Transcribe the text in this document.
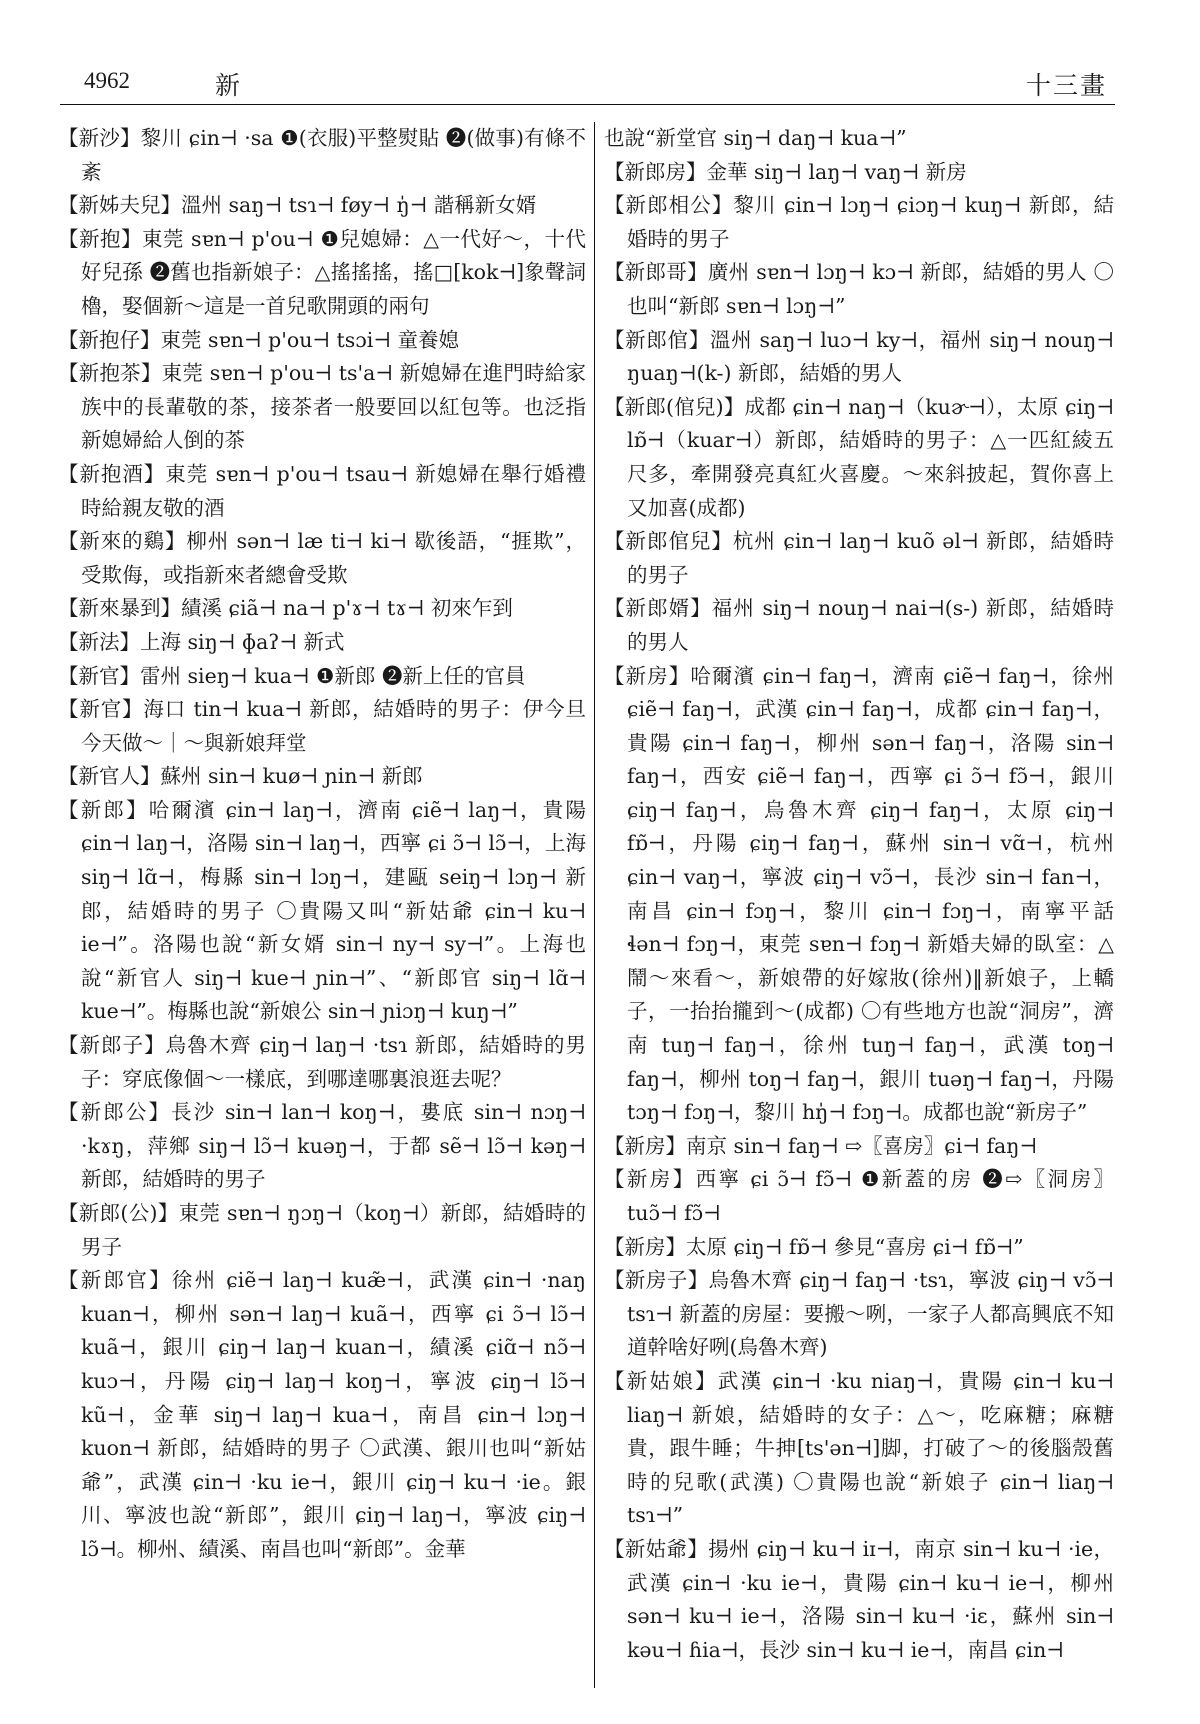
4962	新	十三畫

【新沙】黎川 ɕin⊣ ·sa ❶(衣服)平整熨貼 ❷(做事)有條不紊

【新姊夫兒】溫州 saŋ⊣ tsɿ⊣ føy⊣ ŋ̍⊣ 諧稱新女婿

【新抱】東莞 sɐn⊣ p'ou⊣ ❶兒媳婦：△一代好～，十代好兒孫 ❷舊也指新娘子：△搖搖搖，搖□[kok⊣]象聲詞櫓，娶個新～這是一首兒歌開頭的兩句

【新抱仔】東莞 sɐn⊣ p'ou⊣ tsɔi⊣ 童養媳

【新抱茶】東莞 sɐn⊣ p'ou⊣ ts'a⊣ 新媳婦在進門時給家族中的長輩敬的茶，接茶者一般要回以紅包等。也泛指新媳婦給人倒的茶

【新抱酒】東莞 sɐn⊣ p'ou⊣ tsau⊣ 新媳婦在舉行婚禮時給親友敬的酒

【新來的鷄】柳州 sən⊣ læ ti⊣ ki⊣ 歇後語，“捱欺”，受欺侮，或指新來者總會受欺

【新來暴到】績溪 ɕiã⊣ na⊣ p'ɤ⊣ tɤ⊣ 初來乍到

【新法】上海 siŋ⊣ ɸaʔ⊣ 新式

【新官】雷州 sieŋ⊣ kua⊣ ❶新郎 ❷新上任的官員

【新官】海口 tin⊣ kua⊣ 新郎，結婚時的男子：伊今旦今天做～｜～與新娘拜堂

【新官人】蘇州 sin⊣ kuø⊣ ɲin⊣ 新郎

【新郎】哈爾濱 ɕin⊣ laŋ⊣，濟南 ɕiẽ⊣ laŋ⊣，貴陽 ɕin⊣ laŋ⊣，洛陽 sin⊣ laŋ⊣，西寧 ɕi ɔ̃⊣ lɔ̃⊣，上海 siŋ⊣ lɑ̃⊣，梅縣 sin⊣ lɔŋ⊣，建甌 seiŋ⊣ lɔŋ⊣ 新郎，結婚時的男子 〇貴陽又叫“新姑爺 ɕin⊣ ku⊣ ie⊣”。洛陽也說“新女婿 sin⊣ ny⊣ sy⊣”。上海也說“新官人 siŋ⊣ kue⊣ ɲin⊣”、“新郎官 siŋ⊣ lɑ̃⊣ kue⊣”。梅縣也說“新娘公 sin⊣ ɲiɔŋ⊣ kuŋ⊣”

【新郎子】烏魯木齊 ɕiŋ⊣ laŋ⊣ ·tsɿ 新郎，結婚時的男子：穿底像個～一樣底，到哪達哪裏浪逛去呢？

【新郎公】長沙 sin⊣ lan⊣ koŋ⊣，婁底 sin⊣ nɔŋ⊣ ·kɤŋ，萍鄉 siŋ⊣ lɔ̃⊣ kuəŋ⊣，于都 sẽ⊣ lɔ̃⊣ kəŋ⊣ 新郎，結婚時的男子

【新郎(公)】東莞 sɐn⊣ ŋɔŋ⊣（koŋ⊣）新郎，結婚時的男子

【新郎官】徐州 ɕiẽ⊣ laŋ⊣ kuæ̃⊣，武漢 ɕin⊣ ·naŋ kuan⊣，柳州 sən⊣ laŋ⊣ kuã⊣，西寧 ɕi ɔ̃⊣ lɔ̃⊣ kuã⊣，銀川 ɕiŋ⊣ laŋ⊣ kuan⊣，績溪 ɕiɑ̃⊣ nɔ̃⊣ kuɔ⊣，丹陽 ɕiŋ⊣ laŋ⊣ koŋ⊣，寧波 ɕiŋ⊣ lɔ̃⊣ kũ⊣，金華 siŋ⊣ laŋ⊣ kua⊣，南昌 ɕin⊣ lɔŋ⊣ kuon⊣ 新郎，結婚時的男子 〇武漢、銀川也叫“新姑爺”，武漢 ɕin⊣ ·ku ie⊣，銀川 ɕiŋ⊣ ku⊣ ·ie。銀川、寧波也說“新郎”，銀川 ɕiŋ⊣ laŋ⊣，寧波 ɕiŋ⊣ lɔ̃⊣。柳州、績溪、南昌也叫“新郎”。金華

也說“新堂官 siŋ⊣ daŋ⊣ kua⊣”

【新郎房】金華 siŋ⊣ laŋ⊣ vaŋ⊣ 新房

【新郎相公】黎川 ɕin⊣ lɔŋ⊣ ɕiɔŋ⊣ kuŋ⊣ 新郎，結婚時的男子

【新郎哥】廣州 sɐn⊣ lɔŋ⊣ kɔ⊣ 新郎，結婚的男人 〇也叫“新郎 sɐn⊣ lɔŋ⊣”

【新郎倌】溫州 saŋ⊣ luɔ⊣ ky⊣，福州 siŋ⊣ nouŋ⊣ ŋuaŋ⊣(k-) 新郎，結婚的男人

【新郎(倌兒)】成都 ɕin⊣ naŋ⊣（kuɚ⊣），太原 ɕiŋ⊣ lɒ̃⊣（kuar⊣）新郎，結婚時的男子：△一匹紅綾五尺多，牽開發亮真紅火喜慶。～來斜披起，賀你喜上又加喜(成都)

【新郎倌兒】杭州 ɕin⊣ laŋ⊣ kuõ əl⊣ 新郎，結婚時的男子

【新郎婿】福州 siŋ⊣ nouŋ⊣ nai⊣(s-) 新郎，結婚時的男人

【新房】哈爾濱 ɕin⊣ faŋ⊣，濟南 ɕiẽ⊣ faŋ⊣，徐州 ɕiẽ⊣ faŋ⊣，武漢 ɕin⊣ faŋ⊣，成都 ɕin⊣ faŋ⊣，貴陽 ɕin⊣ faŋ⊣，柳州 sən⊣ faŋ⊣，洛陽 sin⊣ faŋ⊣，西安 ɕiẽ⊣ faŋ⊣，西寧 ɕi ɔ̃⊣ fɔ̃⊣，銀川 ɕiŋ⊣ faŋ⊣，烏魯木齊 ɕiŋ⊣ faŋ⊣，太原 ɕiŋ⊣ fɒ̃⊣，丹陽 ɕiŋ⊣ faŋ⊣，蘇州 sin⊣ vɑ̃⊣，杭州 ɕin⊣ vaŋ⊣，寧波 ɕiŋ⊣ vɔ̃⊣，長沙 sin⊣ fan⊣，南昌 ɕin⊣ fɔŋ⊣，黎川 ɕin⊣ fɔŋ⊣，南寧平話 ɬən⊣ fɔŋ⊣，東莞 sɐn⊣ fɔŋ⊣ 新婚夫婦的臥室：△鬧～來看～，新娘帶的好嫁妝(徐州)‖新娘子，上轎子，一抬抬攏到～(成都) 〇有些地方也說“洞房”，濟南 tuŋ⊣ faŋ⊣，徐州 tuŋ⊣ faŋ⊣，武漢 toŋ⊣ faŋ⊣，柳州 toŋ⊣ faŋ⊣，銀川 tuəŋ⊣ faŋ⊣，丹陽 tɔŋ⊣ fɔŋ⊣，黎川 hŋ̍⊣ fɔŋ⊣。成都也說“新房子”

【新房】南京 sin⊣ faŋ⊣ ⇨〖喜房〗ɕi⊣ faŋ⊣

【新房】西寧 ɕi ɔ̃⊣ fɔ̃⊣ ❶新蓋的房 ❷⇨〖洞房〗tuɔ̃⊣ fɔ̃⊣

【新房】太原 ɕiŋ⊣ fɒ̃⊣ 參見“喜房 ɕi⊣ fɒ̃⊣”

【新房子】烏魯木齊 ɕiŋ⊣ faŋ⊣ ·tsɿ，寧波 ɕiŋ⊣ vɔ̃⊣ tsɿ⊣ 新蓋的房屋：要搬～咧，一家子人都高興底不知道幹啥好咧(烏魯木齊)

【新姑娘】武漢 ɕin⊣ ·ku niaŋ⊣，貴陽 ɕin⊣ ku⊣ liaŋ⊣ 新娘，結婚時的女子：△～，吃麻糖；麻糖貴，跟牛睡；牛抻[ts'ən⊣]脚，打破了～的後腦殼舊時的兒歌(武漢) 〇貴陽也說“新娘子 ɕin⊣ liaŋ⊣ tsɿ⊣”

【新姑爺】揚州 ɕiŋ⊣ ku⊣ iɪ⊣，南京 sin⊣ ku⊣ ·ie，武漢 ɕin⊣ ·ku ie⊣，貴陽 ɕin⊣ ku⊣ ie⊣，柳州 sən⊣ ku⊣ ie⊣，洛陽 sin⊣ ku⊣ ·iɛ，蘇州 sin⊣ kəu⊣ ɦia⊣，長沙 sin⊣ ku⊣ ie⊣，南昌 ɕin⊣
